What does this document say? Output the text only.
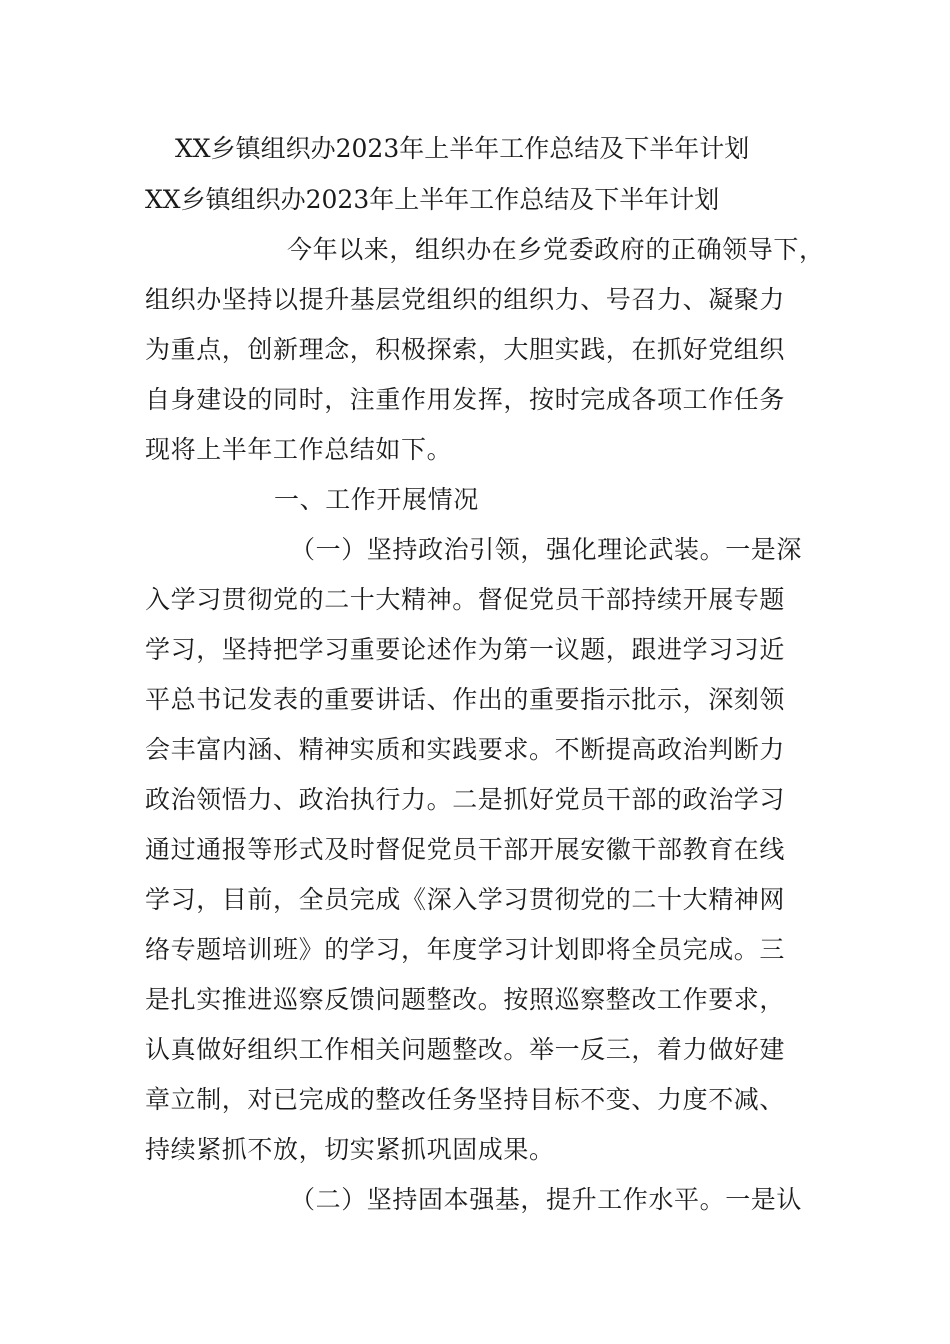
XX乡镇组织办2023年上半年工作总结及下半年计划
XX乡镇组织办2023年上半年工作总结及下半年计划
今年以来，组织办在乡党委政府的正确领导下，
组织办坚持以提升基层党组织的组织力、号召力、凝聚力
为重点，创新理念，积极探索，大胆实践，在抓好党组织
自身建设的同时，注重作用发挥，按时完成各项工作任务
现将上半年工作总结如下。
一、工作开展情况
（一）坚持政治引领，强化理论武装。一是深
入学习贯彻党的二十大精神。督促党员干部持续开展专题
学习，坚持把学习重要论述作为第一议题，跟进学习习近
平总书记发表的重要讲话、作出的重要指示批示，深刻领
会丰富内涵、精神实质和实践要求。不断提高政治判断力
政治领悟力、政治执行力。二是抓好党员干部的政治学习
通过通报等形式及时督促党员干部开展安徽干部教育在线
学习，目前，全员完成《深入学习贯彻党的二十大精神网
络专题培训班》的学习，年度学习计划即将全员完成。三
是扎实推进巡察反馈问题整改。按照巡察整改工作要求，
认真做好组织工作相关问题整改。举一反三，着力做好建
章立制，对已完成的整改任务坚持目标不变、力度不减、
持续紧抓不放，切实紧抓巩固成果。
（二）坚持固本强基，提升工作水平。一是认
